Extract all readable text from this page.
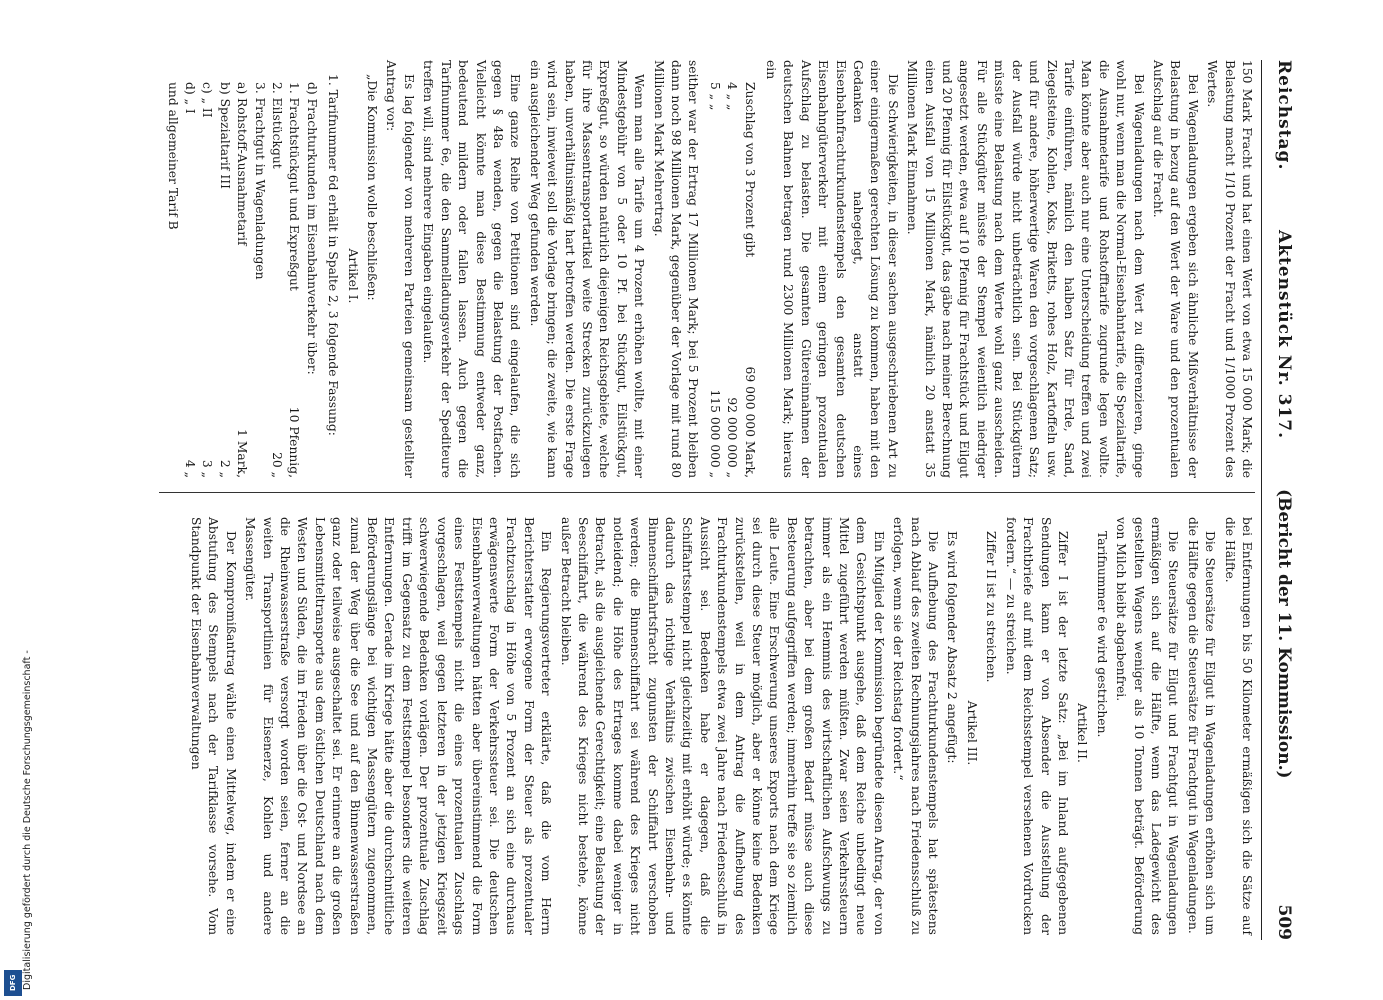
Reichstag.
Aktenstück Nr. 317.
(Bericht der 11. Kommission.) 509

150 Mark Fracht und hat einen Wert von etwa 15 000 Mark; die Belastung macht 1/10 Prozent der Fracht und 1/1000 Prozent des Wertes.

Bei Wagenladungen ergeben sich ähnliche Mißverhältnisse der Belastung in bezug auf den Wert der Ware und den prozentualen Aufschlag auf die Fracht.

Bei Wagenladungen nach dem Wert zu differenzieren, ginge wohl nur, wenn man die Normal-Eisenbahntarife, die Spezialtarife, die Ausnahmetarife und Rohstofftarife zugrunde legen wollte. Man könnte aber auch nur eine Unterscheidung treffen und zwei Tarife einführen, nämlich den halben Satz für Erde, Sand, Ziegelsteine, Kohlen, Koks, Briketts, rohes Holz, Kartoffeln usw. und für andere, höherwertige Waren den vorgeschlagenen Satz; der Ausfall würde nicht unbeträchtlich sein. Bei Stückgütern müsste eine Belastung nach dem Werte wohl ganz ausscheiden. Für alle Stückgüter müsste der Stempel weientlich niedriger angesetzt werden, etwa auf 10 Pfennig für Frachtstück und Eilgut und 20 Pfennig für Eilstückgut, das gäbe nach meiner Berechnung einen Ausfall von 15 Millionen Mark, nämlich 20 anstatt 35 Millionen Mark Einnahmen.

Die Schwierigkeiten, in dieser sachen ausgeschriebenen Art zu einer einigermaßen gerechten Lösung zu kommen, haben mit den Gedanken nahegelegt, anstatt eines Eisenbahnfrachturkundenstempels den gesamten deutschen Eisenbahngüterverkehr mit einem geringen prozentualen Aufschlag zu belasten. Die gesamten Gütereinnahmen der deutschen Bahnen betragen rund 2300 Millionen Mark; hieraus ein

Zuschlag von 3 Prozent gibt
69 000 000 Mark,
4 „ „
92 000 000 „
5 „ „
115 000 000 „

seither war der Ertrag 17 Millionen Mark; bei 5 Prozent bleiben dann noch 98 Millionen Mark, gegenüber der Vorlage mit rund 80 Millionen Mark Mehrertrag.

Wenn man alle Tarife um 4 Prozent erhöhen wollte, mit einer Mindestgebühr von 5 oder 10 Pf. bei Stückgut, Eilstückgut, Expreßgut, so würden natürlich diejenigen Reichsgebiete, welche für ihre Massentransportartikel weite Strecken zurückzulegen haben, unverhältnismäßig hart betroffen werden. Die erste Frage wird sein, inwieweit soll die Vorlage bringen; die zweite, wie kann ein ausgleichender Weg gefunden werden.

Eine ganze Reihe von Petitionen sind eingelaufen, die sich gegen § 48a wenden, gegen die Belastung der Postfachen. Vielleicht könnte man diese Bestimmung entweder ganz, bedeutend mildern oder fallen lassen. Auch gegen die Tarifnummer 6e, die den Sammelladungsverkehr der Spediteure treffen will, sind mehrere Eingaben eingelaufen.

Es lag folgender von mehreren Parteien gemeinsam gestellter Antrag vor:

„Die Kommission wolle beschließen:

Artikel I.

1. Tarifnummer 6d erhält in Spalte 2, 3 folgende Fassung:

d) Frachturkunden im Eisenbahnverkehr über:
1. Frachtstückgut und Expreßgut
10 Pfennig,
2. Eilstückgut
20 „
3. Frachtgut in Wagenladungen
a) Rohstoff-Ausnahmetarif
1 Mark,
b) Spezialtarif III
2 „
c) „ II
3 „
d) „ I
4 „
und allgemeiner Tarif B

bei Entfernungen bis 50 Kilometer ermäßigen sich die Sätze auf die Hälfte.

Die Steuersätze für Eilgut in Wagenladungen erhöhen sich um die Hälfte gegen die Steuersätze für Frachtgut in Wagenladungen.

Die Steuersätze für Eilgut und Frachtgut in Wagenladungen ermäßigen sich auf die Hälfte, wenn das Ladegewicht des gestellten Wagens weniger als 10 Tonnen beträgt. Beförderung von Milch bleibt abgabenfrei.

Tarifnummer 6e wird gestrichen.

Artikel II.

Ziffer I ist der letzte Satz: „Bei im Inland aufgegebenen Sendungen kann er von Absender die Ausstellung der Frachtbriefe auf mit dem Reichsstempel versehenen Vordrucken fordern.“ — zu streichen.

Ziffer II ist zu streichen.

Artikel III.

Es wird folgender Absatz 2 angefügt:

Die Aufhebung des Frachturkundenstempels hat spätestens nach Ablauf des zweiten Rechnungsjahres nach Friedensschluß zu erfolgen, wenn sie der Reichstag fordert.“

Ein Mitglied der Kommission begründete diesen Antrag, der von dem Gesichtspunkt ausgehe, daß dem Reiche unbedingt neue Mittel zugeführt werden müßten. Zwar seien Verkehrssteuern immer als ein Hemmnis des wirtschaftlichen Aufschwungs zu betrachten, aber bei dem großen Bedarf müsse auch diese Besteuerung aufgegriffen werden; immerhin treffe sie so ziemlich alle Leute. Eine Erschwerung unseres Exports nach dem Kriege sei durch diese Steuer möglich, aber er könne keine Bedenken zurückstellen, weil in dem Antrag die Aufhebung des Frachturkundenstempels etwa zwei Jahre nach Friedensschluß in Aussicht sei. Bedenken habe er dagegen, daß die Schiffahrtsstempel nicht gleichzeitig mit erhöht würde; es könnte dadurch das richtige Verhältnis zwischen Eisenbahn- und Binnenschiffahrtsfracht zugunsten der Schiffahrt verschoben werden; die Binnenschiffahrt sei während des Krieges nicht notleidend; die Höhe des Ertrages komme dabei weniger in Betracht, als die ausgleichende Gerechtigkeit; eine Belastung der Seeschiffahrt, die während des Krieges nicht bestehe, könne außer Betracht bleiben.

Ein Regierungsvertreter erklärte, daß die vom Herrn Berichterstatter erwogene Form der Steuer als prozentualer Frachtzuschlag in Höhe von 5 Prozent an sich eine durchaus erwägenswerte Form der Verkehrssteuer sei. Die deutschen Eisenbahnverwaltungen hätten aber übereinstimmend die Form eines Festtstempels nicht die eines prozentualen Zuschlags vorgeschlagen, weil gegen letzteren in der jetzigen Kriegszeit schwerwiegende Bedenken vorlägen. Der prozentuale Zuschlag trifft im Gegensatz zu dem Festtstempel besonders die weiteren Entfernungen. Gerade im Kriege hätte aber die durchschnittliche Beförderungslänge bei wichtigen Massengütern zugenommen, zumal der Weg über die See und auf den Binnenwasserstraßen ganz oder teilweise ausgeschaltet sei. Er erinnere an die großen Lebensmitteltransporte aus dem östlichen Deutschland nach dem Westen und Süden, die im Frieden über die Ost- und Nordsee an die Rheinwasserstraße versorgt worden seien, ferner an die weiten Transportlinien für Eisenerze, Kohlen und andere Massengüter.

Der Kompromißantrag wähle einen Mittelweg, indem er eine Abstufung des Stempels nach der Tarifklasse vorsehe. Vom Standpunkt der Eisenbahnverwaltungen

Digitalisierung gefördert durch die Deutsche Forschungsgemeinschaft -
DFG
